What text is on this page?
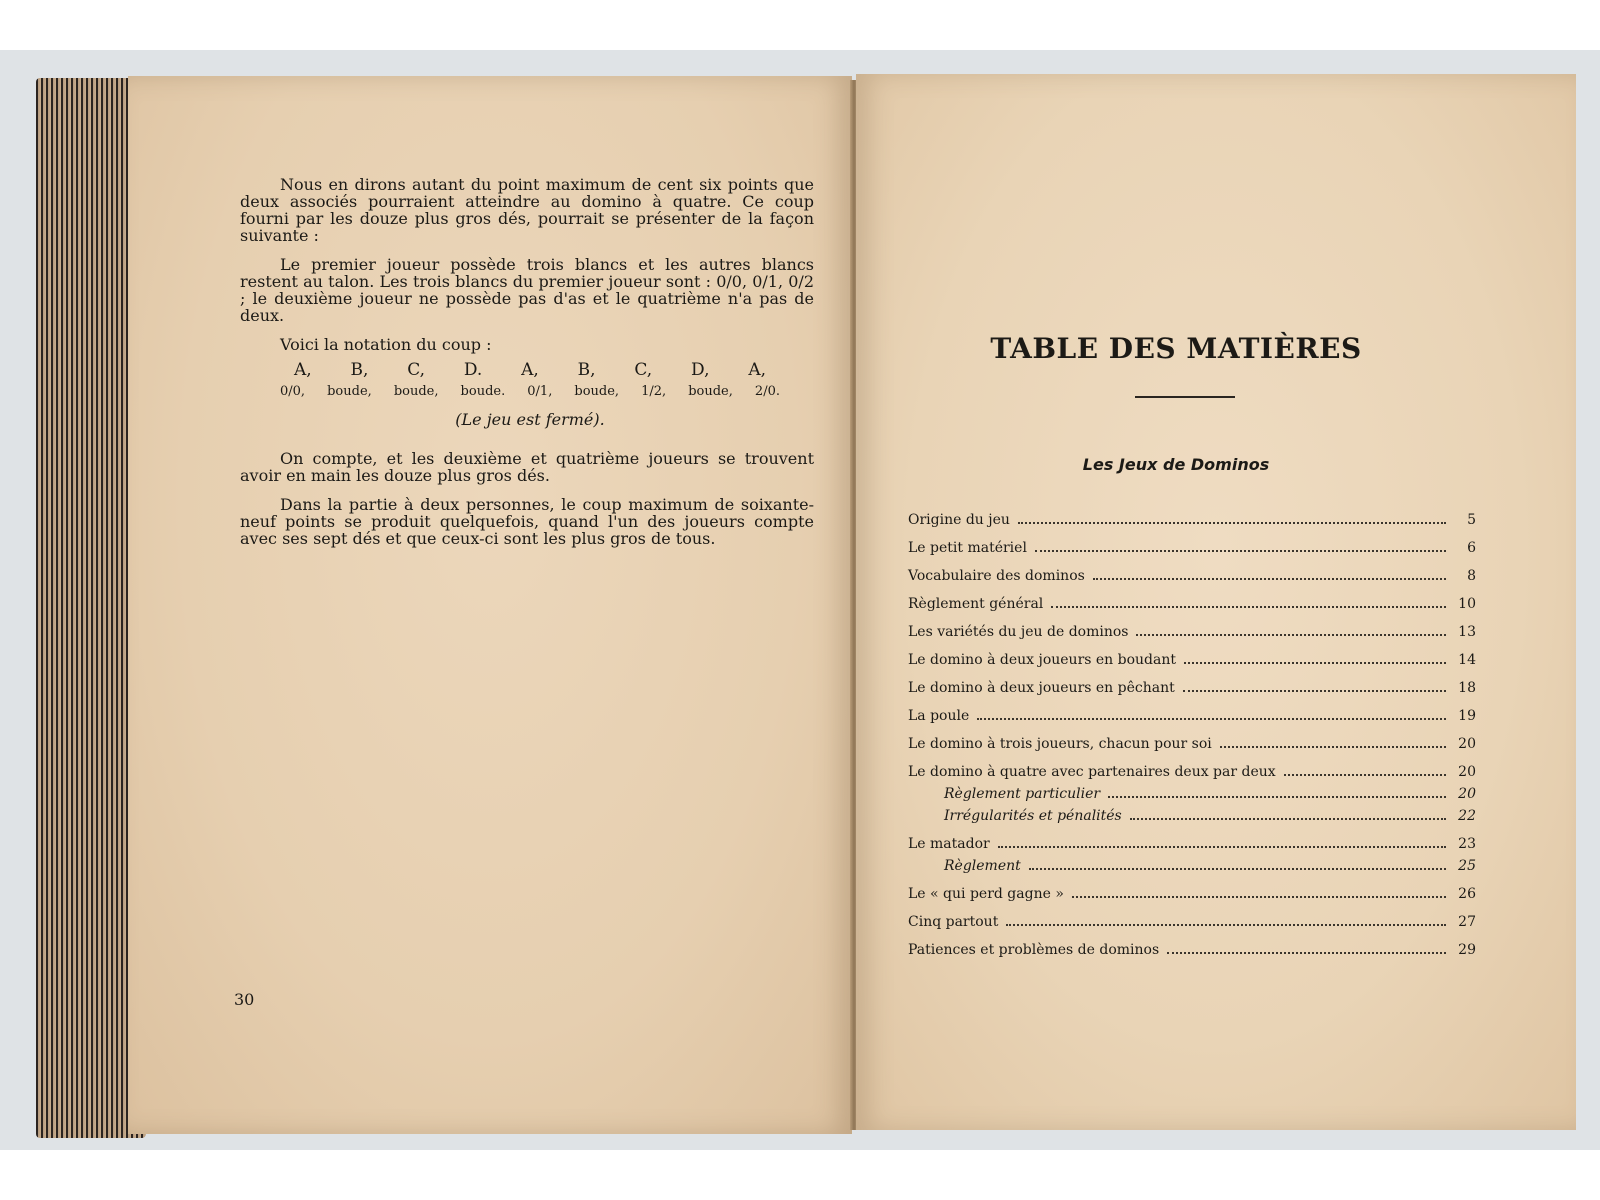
Nous en dirons autant du point maximum de cent six points que deux associés pourraient atteindre au domino à quatre. Ce coup fourni par les douze plus gros dés, pourrait se présenter de la façon suivante :

Le premier joueur possède trois blancs et les autres blancs restent au talon. Les trois blancs du premier joueur sont : 0/0, 0/1, 0/2 ; le deuxième joueur ne possède pas d'as et le quatrième n'a pas de deux.

Voici la notation du coup :

A, B, C, D. A, B, C, D, A,
0/0, boude, boude, boude. 0/1, boude, 1/2, boude, 2/0.
(Le jeu est fermé).

On compte, et les deuxième et quatrième joueurs se trouvent avoir en main les douze plus gros dés.

Dans la partie à deux personnes, le coup maximum de soixante-neuf points se produit quelquefois, quand l'un des joueurs compte avec ses sept dés et que ceux-ci sont les plus gros de tous.

30
TABLE DES MATIÈRES
Les Jeux de Dominos
Origine du jeu	5
Le petit matériel	6
Vocabulaire des dominos	8
Règlement général	10
Les variétés du jeu de dominos	13
Le domino à deux joueurs en boudant	14
Le domino à deux joueurs en pêchant	18
La poule	19
Le domino à trois joueurs, chacun pour soi	20
Le domino à quatre avec partenaires deux par deux	20
Règlement particulier	20
Irrégularités et pénalités	22
Le matador	23
Règlement	25
Le « qui perd gagne »	26
Cinq partout	27
Patiences et problèmes de dominos	29
